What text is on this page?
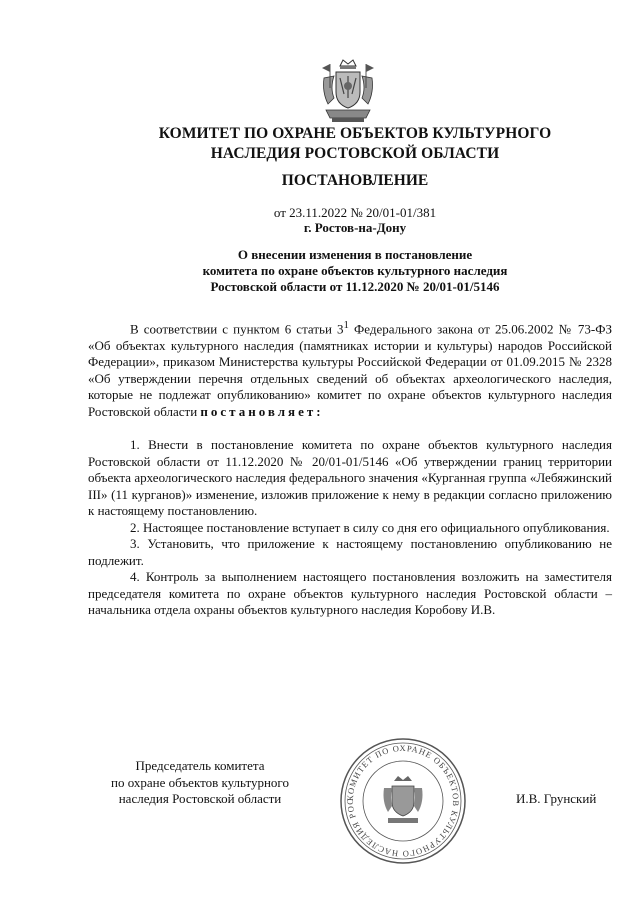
КОМИТЕТ ПО ОХРАНЕ ОБЪЕКТОВ КУЛЬТУРНОГО
НАСЛЕДИЯ РОСТОВСКОЙ ОБЛАСТИ
ПОСТАНОВЛЕНИЕ
от 23.11.2022 № 20/01-01/381
г. Ростов-на-Дону
О внесении изменения в постановление
комитета по охране объектов культурного наследия
Ростовской области от 11.12.2020 № 20/01-01/5146

В соответствии с пунктом 6 статьи $3^1$ Федерального закона от 25.06.2002 № 73-ФЗ «Об объектах культурного наследия (памятниках истории и культуры) народов Российской Федерации», приказом Министерства культуры Российской Федерации от 01.09.2015 № 2328 «Об утверждении перечня отдельных сведений об объектах археологического наследия, которые не подлежат опубликованию» комитет по охране объектов культурного наследия Ростовской области постановляет:

1. Внести в постановление комитета по охране объектов культурного наследия Ростовской области от 11.12.2020 № 20/01-01/5146 «Об утверждении границ территории объекта археологического наследия федерального значения «Курганная группа «Лебяжинский III» (11 курганов)» изменение, изложив приложение к нему в редакции согласно приложению к настоящему постановлению.

2. Настоящее постановление вступает в силу со дня его официального опубликования.

3. Установить, что приложение к настоящему постановлению опубликованию не подлежит.

4. Контроль за выполнением настоящего постановления возложить на заместителя председателя комитета по охране объектов культурного наследия Ростовской области – начальника отдела охраны объектов культурного наследия Коробову И.В.

Председатель комитета
по охране объектов культурного
наследия Ростовской области	КОМИТЕТ ПО ОХРАНЕ ОБЪЕКТОВ КУЛЬТУРНОГО НАСЛЕДИЯ РОС	И.В. Грунский
